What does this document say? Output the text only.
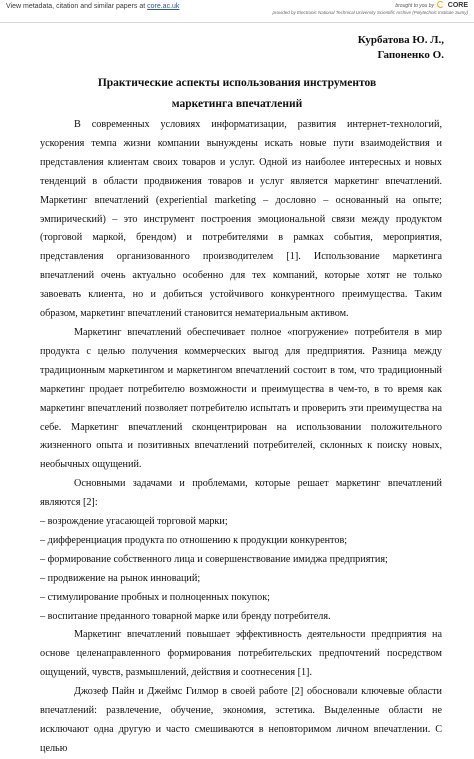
View metadata, citation and similar papers at core.ac.uk	brought to you by CORE
provided by Electronic National Technical University Scientific Archive (Polytechnic Institute Sumy)
Курбатова Ю. Л.,
Гапоненко О.
Практические аспекты использования инструментов
маркетинга впечатлений

В современных условиях информатизации, развития интернет-технологий, ускорения темпа жизни компании вынуждены искать новые пути взаимодействия и представления клиентам своих товаров и услуг. Одной из наиболее интересных и новых тенденций в области продвижения товаров и услуг является маркетинг впечатлений. Маркетинг впечатлений (experiential marketing – дословно – основанный на опыте; эмпирический) – это инструмент построения эмоциональной связи между продуктом (торговой маркой, брендом) и потребителями в рамках события, мероприятия, представления организованного производителем [1]. Использование маркетинга впечатлений очень актуально особенно для тех компаний, которые хотят не только завоевать клиента, но и добиться устойчивого конкурентного преимущества. Таким образом, маркетинг впечатлений становится нематериальным активом.

Маркетинг впечатлений обеспечивает полное «погружение» потребителя в мир продукта с целью получения коммерческих выгод для предприятия. Разница между традиционным маркетингом и маркетингом впечатлений состоит в том, что традиционный маркетинг продает потребителю возможности и преимущества в чем-то, в то время как маркетинг впечатлений позволяет потребителю испытать и проверить эти преимущества на себе. Маркетинг впечатлений сконцентрирован на использовании положительного жизненного опыта и позитивных впечатлений потребителей, склонных к поиску новых, необычных ощущений.

Основными задачами и проблемами, которые решает маркетинг впечатлений являются [2]:

– возрождение угасающей торговой марки;

– дифференциация продукта по отношению к продукции конкурентов;

– формирование собственного лица и совершенствование имиджа предприятия;

– продвижение на рынок инноваций;

– стимулирование пробных и полноценных покупок;

– воспитание преданного товарной марке или бренду потребителя.

Маркетинг впечатлений повышает эффективность деятельности предприятия на основе целенаправленного формирования потребительских предпочтений посредством ощущений, чувств, размышлений, действия и соотнесения [1].

Джозеф Пайн и Джеймс Гилмор в своей работе [2] обосновали ключевые области впечатлений: развлечение, обучение, экономия, эстетика. Выделенные области не исключают одна другую и часто смешиваются в неповторимом личном впечатлении. С целью
